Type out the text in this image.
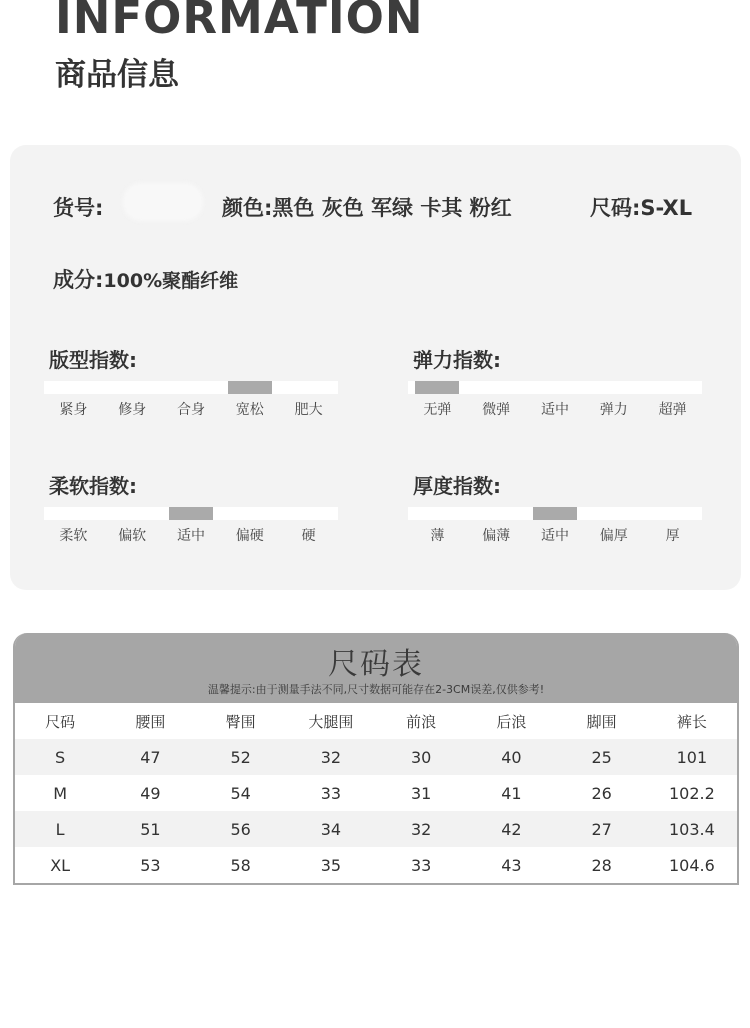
INFORMATION
商品信息
货号:	颜色:黑色 灰色 军绿 卡其 粉红	尺码:S-XL
成分:100%聚酯纤维
版型指数:
紧身	修身	合身	宽松	肥大
弹力指数:
无弹	微弹	适中	弹力	超弹
柔软指数:
柔软	偏软	适中	偏硬	硬
厚度指数:
薄	偏薄	适中	偏厚	厚
尺码表
温馨提示:由于测量手法不同,尺寸数据可能存在2-3CM误差,仅供参考!
尺码	腰围	臀围	大腿围	前浪	后浪	脚围	裤长
S	47	52	32	30	40	25	101
M	49	54	33	31	41	26	102.2
L	51	56	34	32	42	27	103.4
XL	53	58	35	33	43	28	104.6
